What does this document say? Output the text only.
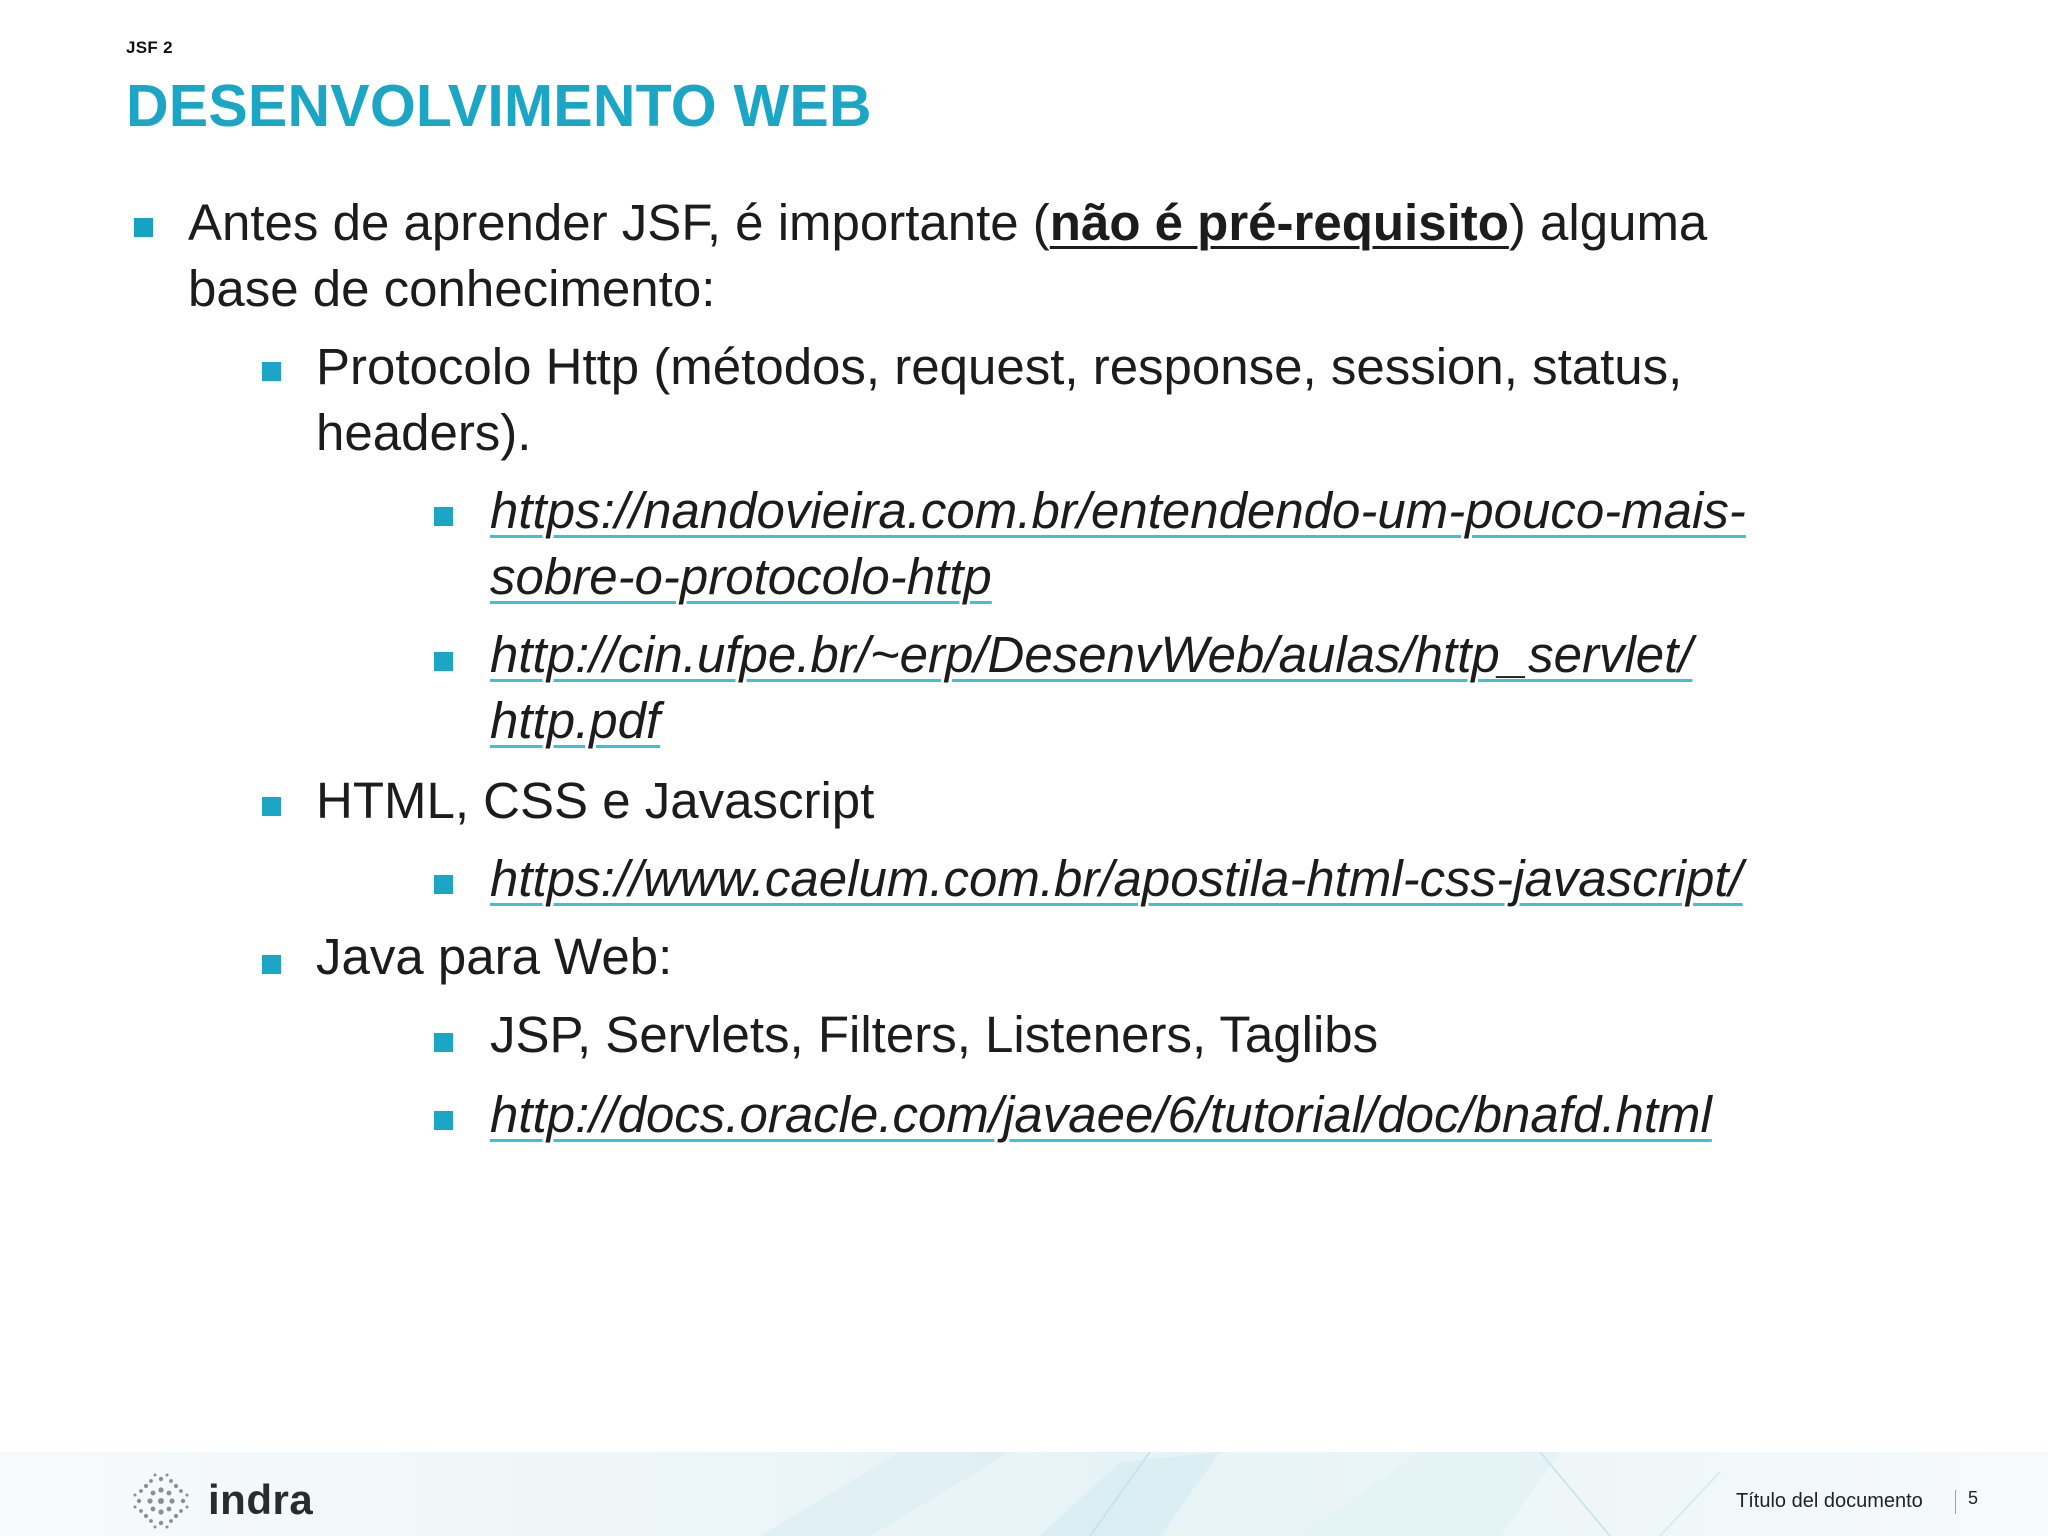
JSF 2
DESENVOLVIMENTO WEB
Antes de aprender JSF, é importante (não é pré-requisito) alguma
base de conhecimento:
Protocolo Http (métodos, request, response, session, status,
headers).
https://nandovieira.com.br/entendendo-um-pouco-mais-
sobre-o-protocolo-http
http://cin.ufpe.br/~erp/DesenvWeb/aulas/http_servlet/
http.pdf
HTML, CSS e Javascript
https://www.caelum.com.br/apostila-html-css-javascript/
Java para Web:
JSP, Servlets, Filters, Listeners, Taglibs
http://docs.oracle.com/javaee/6/tutorial/doc/bnafd.html
indra	Título del documento	5
